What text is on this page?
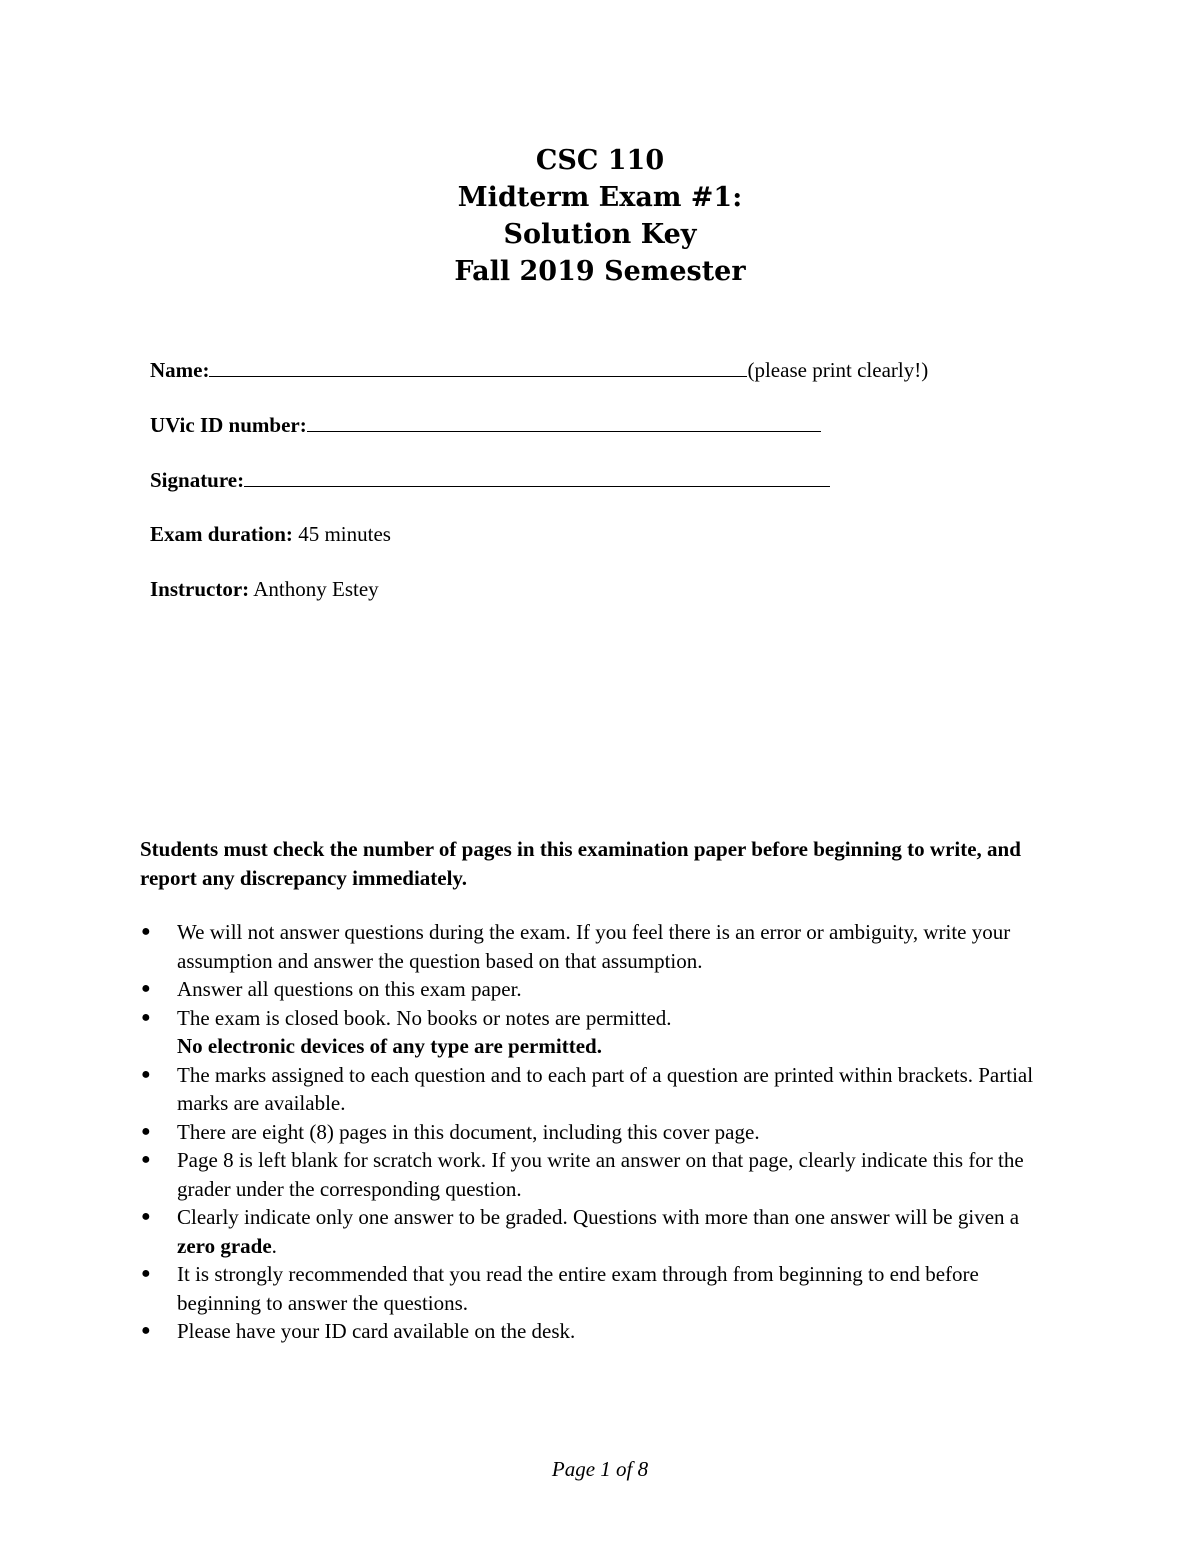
CSC 110
Midterm Exam #1:
Solution Key
Fall 2019 Semester
Name:	(please print clearly!)
UVic ID number:
Signature:
Exam duration: 45 minutes
Instructor: Anthony Estey
Students must check the number of pages in this examination paper before beginning to write, and report any discrepancy immediately.
● We will not answer questions during the exam. If you feel there is an error or ambiguity, write your assumption and answer the question based on that assumption.
● Answer all questions on this exam paper.
● The exam is closed book. No books or notes are permitted.
No electronic devices of any type are permitted.
● The marks assigned to each question and to each part of a question are printed within brackets. Partial marks are available.
● There are eight (8) pages in this document, including this cover page.
● Page 8 is left blank for scratch work. If you write an answer on that page, clearly indicate this for the grader under the corresponding question.
● Clearly indicate only one answer to be graded. Questions with more than one answer will be given a zero grade.
● It is strongly recommended that you read the entire exam through from beginning to end before beginning to answer the questions.
● Please have your ID card available on the desk.
Page 1 of 8
